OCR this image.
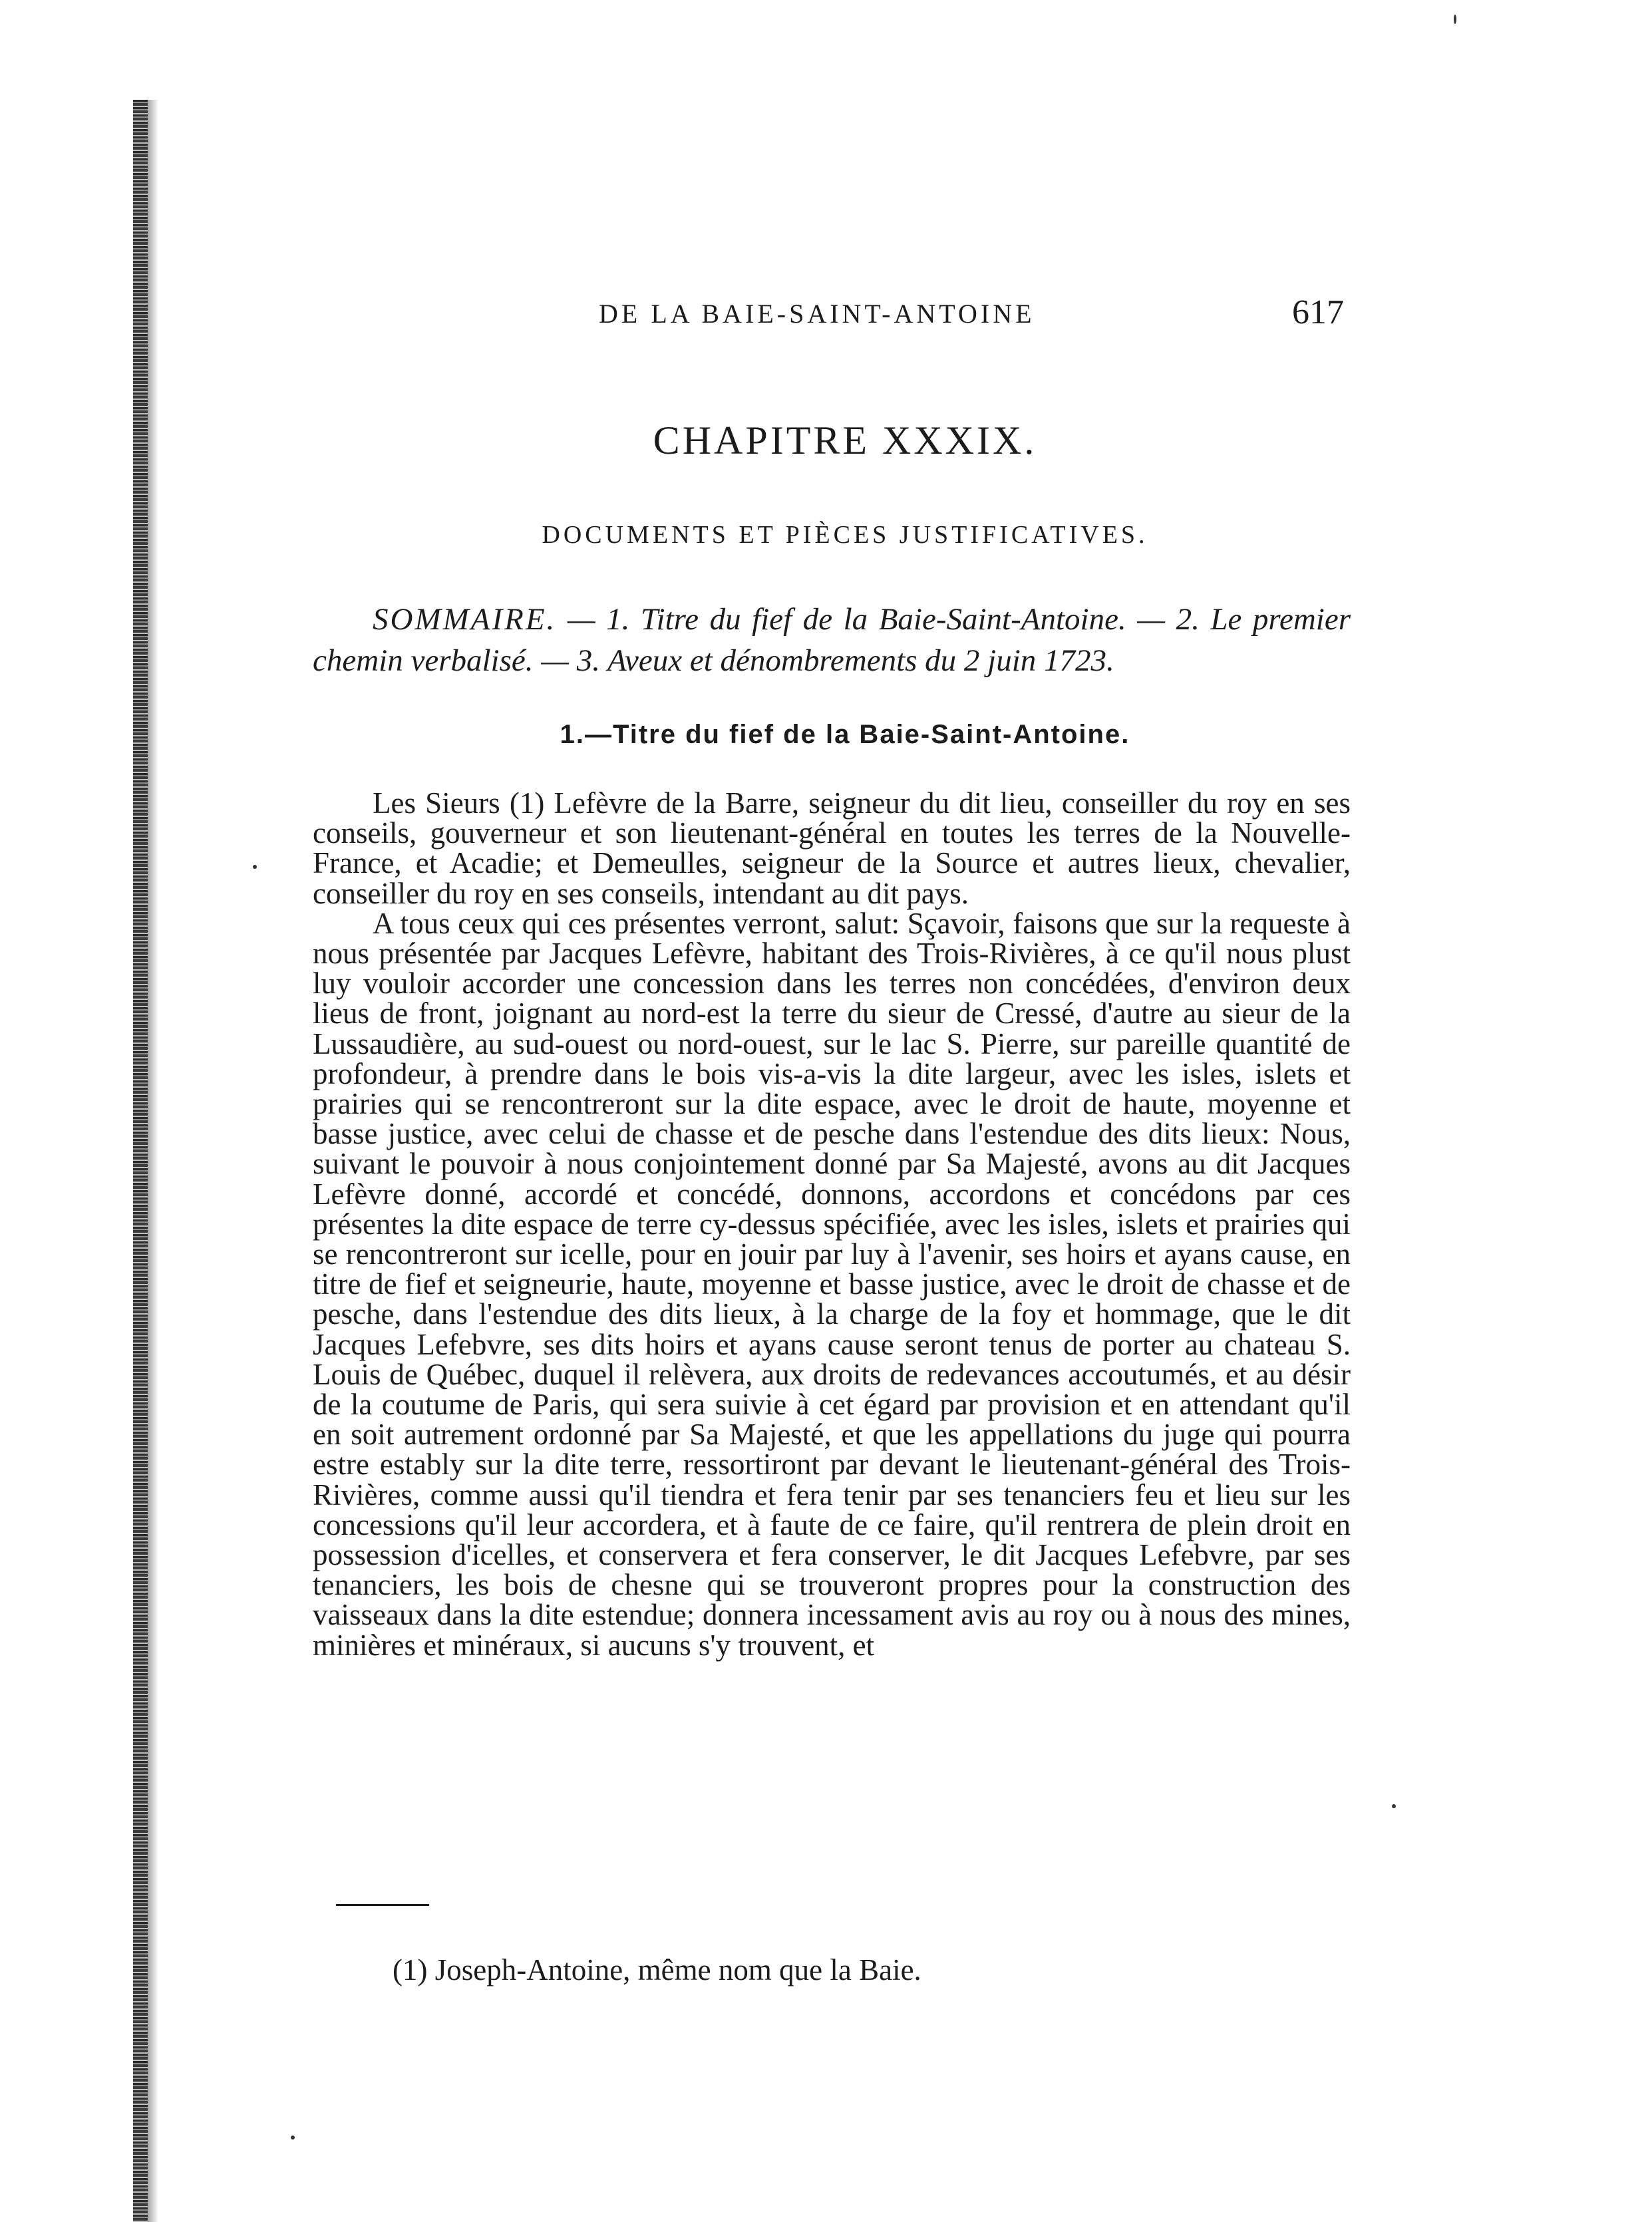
DE LA BAIE-SAINT-ANTOINE	617
CHAPITRE XXXIX.
DOCUMENTS ET PIÈCES JUSTIFICATIVES.
SOMMAIRE. — 1. Titre du fief de la Baie-Saint-Antoine. — 2. Le premier chemin verbalisé. — 3. Aveux et dénombrements du 2 juin 1723.
1.—Titre du fief de la Baie-Saint-Antoine.

Les Sieurs (1) Lefèvre de la Barre, seigneur du dit lieu, conseiller du roy en ses conseils, gouverneur et son lieutenant-général en toutes les terres de la Nouvelle-France, et Acadie; et Demeulles, seigneur de la Source et autres lieux, chevalier, conseiller du roy en ses conseils, intendant au dit pays.

A tous ceux qui ces présentes verront, salut: Sçavoir, faisons que sur la requeste à nous présentée par Jacques Lefèvre, habitant des Trois-Rivières, à ce qu'il nous plust luy vouloir accorder une concession dans les terres non concédées, d'environ deux lieus de front, joignant au nord-est la terre du sieur de Cressé, d'autre au sieur de la Lussaudière, au sud-ouest ou nord-ouest, sur le lac S. Pierre, sur pareille quantité de profondeur, à prendre dans le bois vis-a-vis la dite largeur, avec les isles, islets et prairies qui se rencontreront sur la dite espace, avec le droit de haute, moyenne et basse justice, avec celui de chasse et de pesche dans l'estendue des dits lieux: Nous, suivant le pouvoir à nous conjointement donné par Sa Majesté, avons au dit Jacques Lefèvre donné, accordé et concédé, donnons, accordons et concédons par ces présentes la dite espace de terre cy-dessus spécifiée, avec les isles, islets et prairies qui se rencontreront sur icelle, pour en jouir par luy à l'avenir, ses hoirs et ayans cause, en titre de fief et seigneurie, haute, moyenne et basse justice, avec le droit de chasse et de pesche, dans l'estendue des dits lieux, à la charge de la foy et hommage, que le dit Jacques Lefebvre, ses dits hoirs et ayans cause seront tenus de porter au chateau S. Louis de Québec, duquel il relèvera, aux droits de redevances accoutumés, et au désir de la coutume de Paris, qui sera suivie à cet égard par provision et en attendant qu'il en soit autrement ordonné par Sa Majesté, et que les appellations du juge qui pourra estre estably sur la dite terre, ressortiront par devant le lieutenant-général des Trois-Rivières, comme aussi qu'il tiendra et fera tenir par ses tenanciers feu et lieu sur les concessions qu'il leur accordera, et à faute de ce faire, qu'il rentrera de plein droit en possession d'icelles, et conservera et fera conserver, le dit Jacques Lefebvre, par ses tenanciers, les bois de chesne qui se trouveront propres pour la construction des vaisseaux dans la dite estendue; donnera incessament avis au roy ou à nous des mines, minières et minéraux, si aucuns s'y trouvent, et

(1) Joseph-Antoine, même nom que la Baie.
